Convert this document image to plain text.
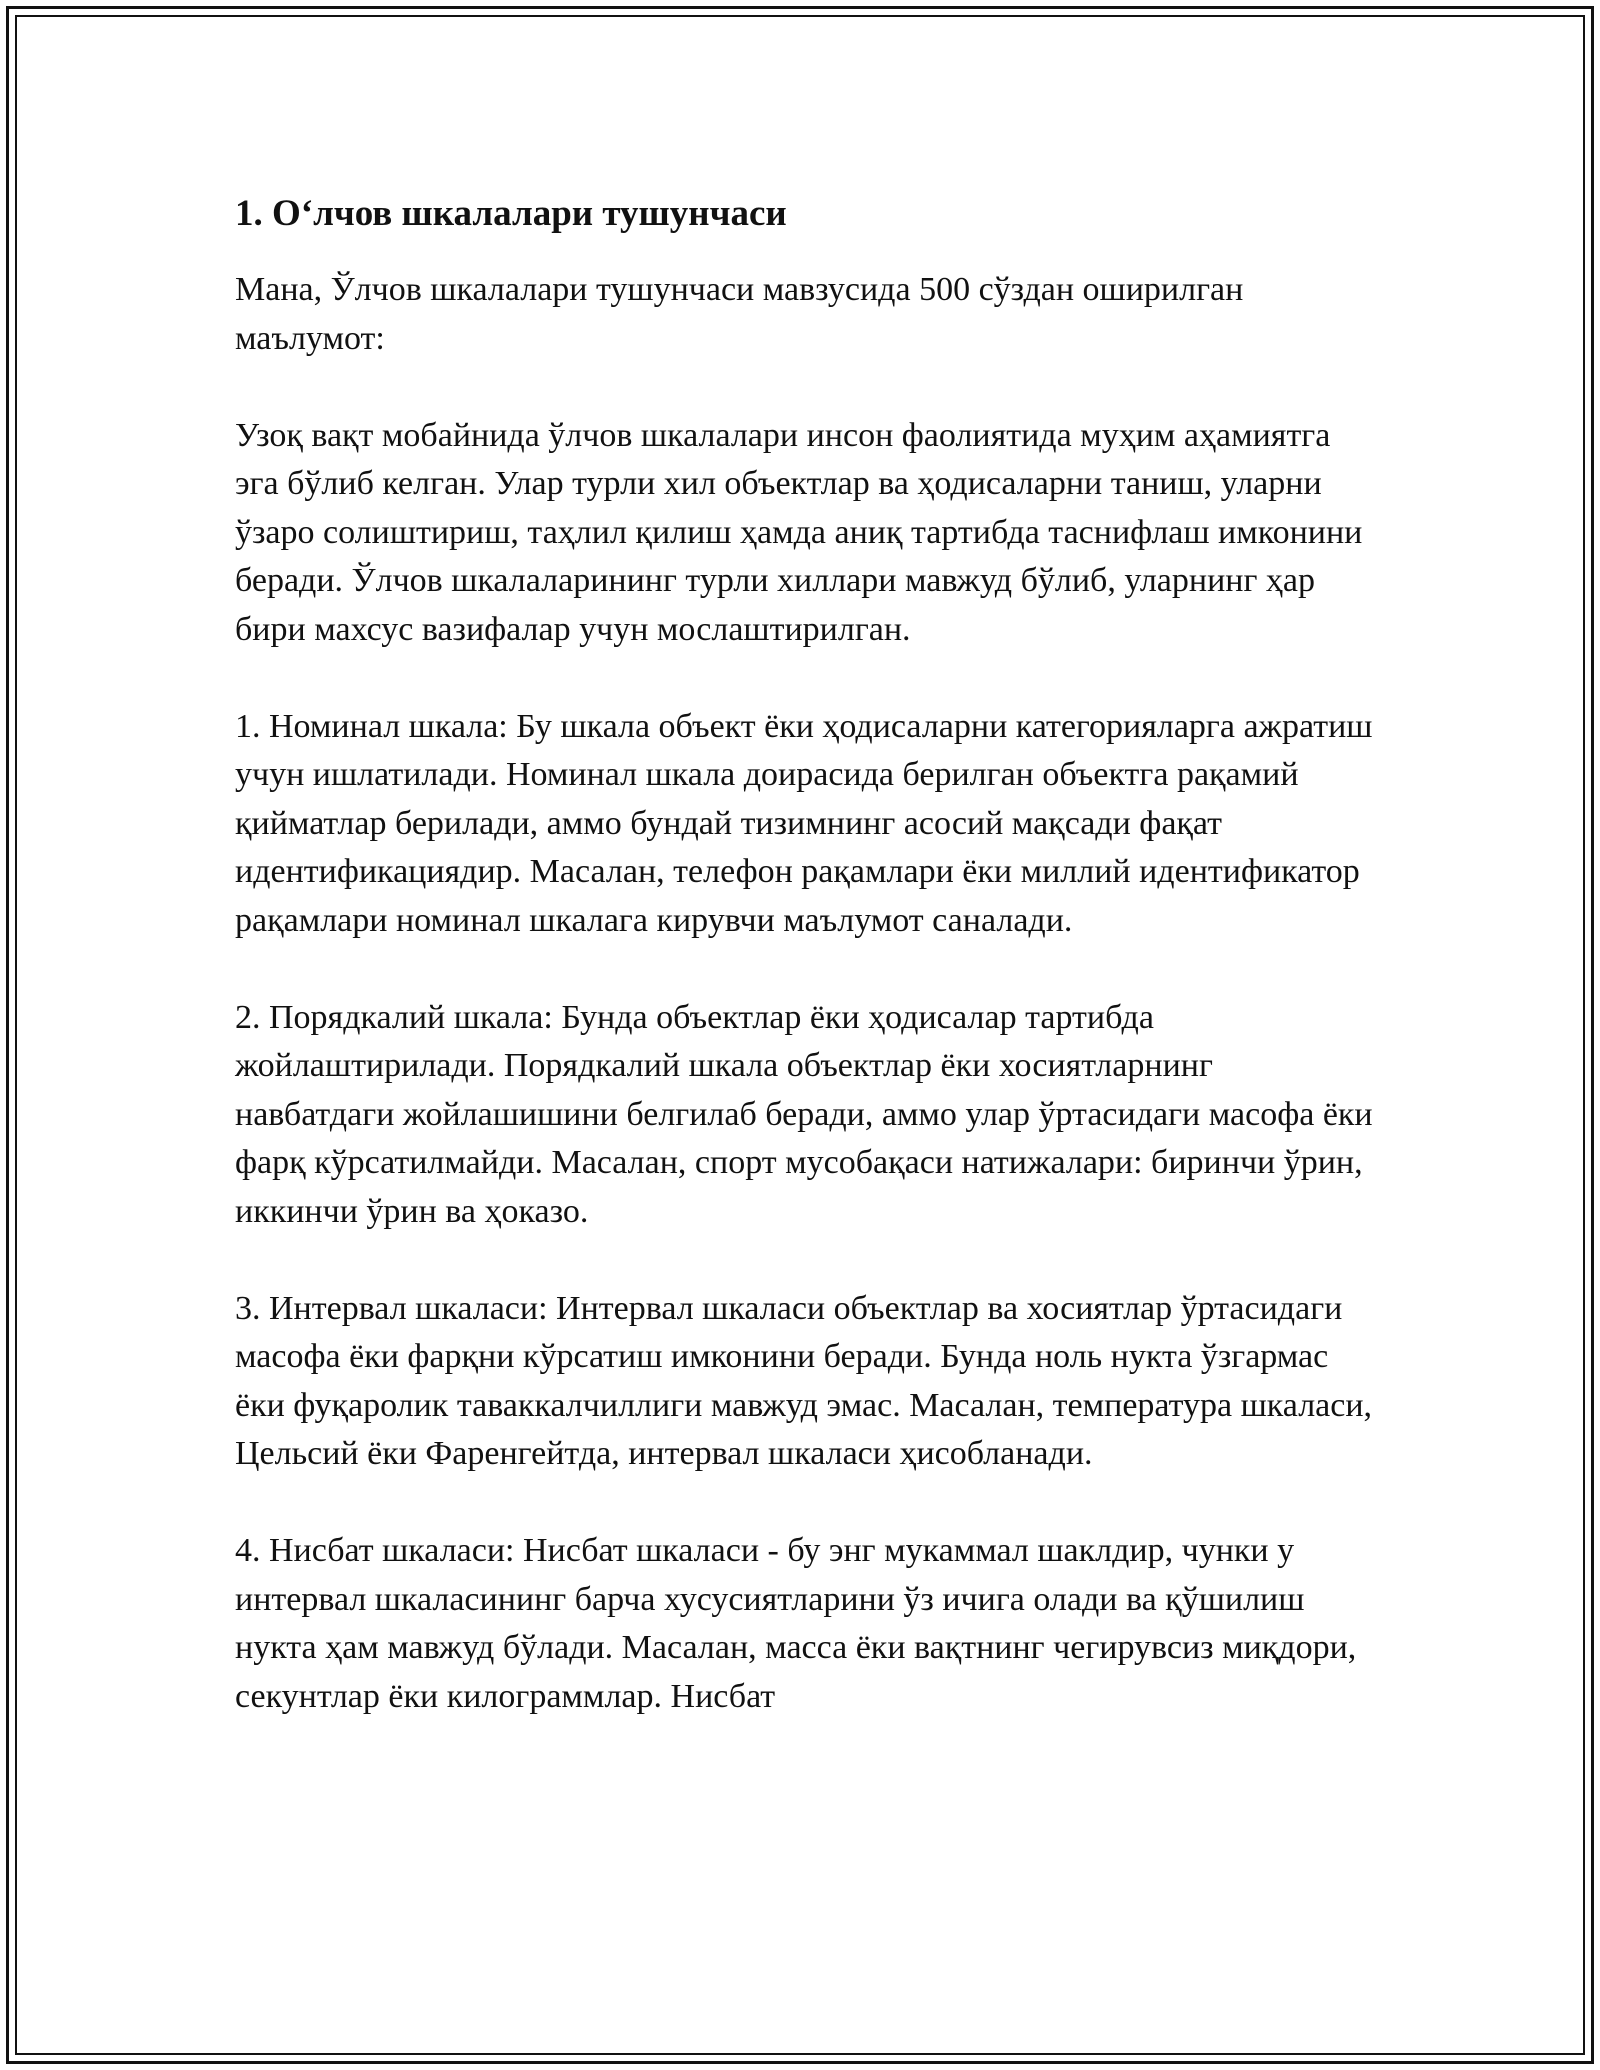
1. Оʻлчов шкалалари тушунчаси

Мана, Ўлчов шкалалари тушунчаси мавзусида 500 сўздан оширилган маълумот:

Узоқ вақт мобайнида ўлчов шкалалари инсон фаолиятида муҳим аҳамиятга эга бўлиб келган. Улар турли хил объектлар ва ҳодисаларни таниш, уларни ўзаро солиштириш, таҳлил қилиш ҳамда аниқ тартибда таснифлаш имконини беради. Ўлчов шкалаларининг турли хиллари мавжуд бўлиб, уларнинг ҳар бири махсус вазифалар учун мослаштирилган.

1. Номинал шкала: Бу шкала объект ёки ҳодисаларни категорияларга ажратиш учун ишлатилади. Номинал шкала доирасида берилган объектга рақамий қийматлар берилади, аммо бундай тизимнинг асосий мақсади фақат идентификациядир. Масалан, телефон рақамлари ёки миллий идентификатор рақамлари номинал шкалага кирувчи маълумот саналади.

2. Порядкалий шкала: Бунда объектлар ёки ҳодисалар тартибда жойлаштирилади. Порядкалий шкала объектлар ёки хосиятларнинг навбатдаги жойлашишини белгилаб беради, аммо улар ўртасидаги масофа ёки фарқ кўрсатилмайди. Масалан, спорт мусобақаси натижалари: биринчи ўрин, иккинчи ўрин ва ҳоказо.

3. Интервал шкаласи: Интервал шкаласи объектлар ва хосиятлар ўртасидаги масофа ёки фарқни кўрсатиш имконини беради. Бунда ноль нукта ўзгармас ёки фуқаролик таваккалчиллиги мавжуд эмас. Масалан, температура шкаласи, Цельсий ёки Фаренгейтда, интервал шкаласи ҳисобланади.

4. Нисбат шкаласи: Нисбат шкаласи - бу энг мукаммал шаклдир, чунки у интервал шкаласининг барча хусусиятларини ўз ичига олади ва қўшилиш нукта ҳам мавжуд бўлади. Масалан, масса ёки вақтнинг чегирувсиз миқдори, секунтлар ёки килограммлар. Нисбат
